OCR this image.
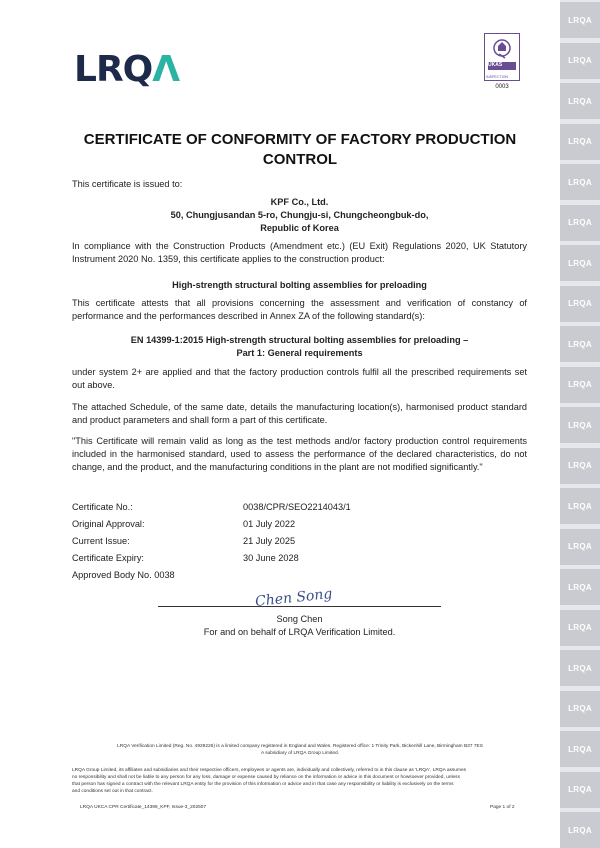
LRQΛ	UKAS
INSPECTION
0003
CERTIFICATE OF CONFORMITY OF FACTORY PRODUCTION
CONTROL
This certificate is issued to:
KPF Co., Ltd.
50, Chungjusandan 5-ro, Chungju-si, Chungcheongbuk-do,
Republic of Korea
In compliance with the Construction Products (Amendment etc.) (EU Exit) Regulations 2020, UK Statutory Instrument 2020 No. 1359, this certificate applies to the construction product:
High-strength structural bolting assemblies for preloading
This certificate attests that all provisions concerning the assessment and verification of constancy of performance and the performances described in Annex ZA of the following standard(s):
EN 14399-1:2015 High-strength structural bolting assemblies for preloading –
Part 1: General requirements
under system 2+ are applied and that the factory production controls fulfil all the prescribed requirements set out above.
The attached Schedule, of the same date, details the manufacturing location(s), harmonised product standard and product parameters and shall form a part of this certificate.
"This Certificate will remain valid as long as the test methods and/or factory production control requirements included in the harmonised standard, used to assess the performance of the declared characteristics, do not change, and the product, and the manufacturing conditions in the plant are not modified significantly."
Certificate No.:	0038/CPR/SEO2214043/1
Original Approval:	01 July 2022
Current Issue:	21 July 2025
Certificate Expiry:	30 June 2028
Approved Body No. 0038
Chen Song
Song Chen
For and on behalf of LRQA Verification Limited.
LRQA Verification Limited (Reg. No. 4929226) is a limited company registered in England and Wales. Registered office: 1 Trinity Park, Bickenhill Lane, Birmingham B37 7ES
A subsidiary of LRQA Group Limited.
LRQA Group Limited, its affiliates and subsidiaries and their respective officers, employees or agents are, individually and collectively, referred to in this clause as 'LRQA'. LRQA assumes
no responsibility and shall not be liable to any person for any loss, damage or expense caused by reliance on the information or advice in this document or howsoever provided, unless
that person has signed a contract with the relevant LRQA entity for the provision of this information or advice and in that case any responsibility or liability is exclusively on the terms
and conditions set out in that contract.
LRQA UKCA CPR Certificate_14399_KPF, Issue-3_202507	Page 1 of 2
LRQA
LRQA
LRQA
LRQA
LRQA
LRQA
LRQA
LRQA
LRQA
LRQA
LRQA
LRQA
LRQA
LRQA
LRQA
LRQA
LRQA
LRQA
LRQA
LRQA
LRQA
